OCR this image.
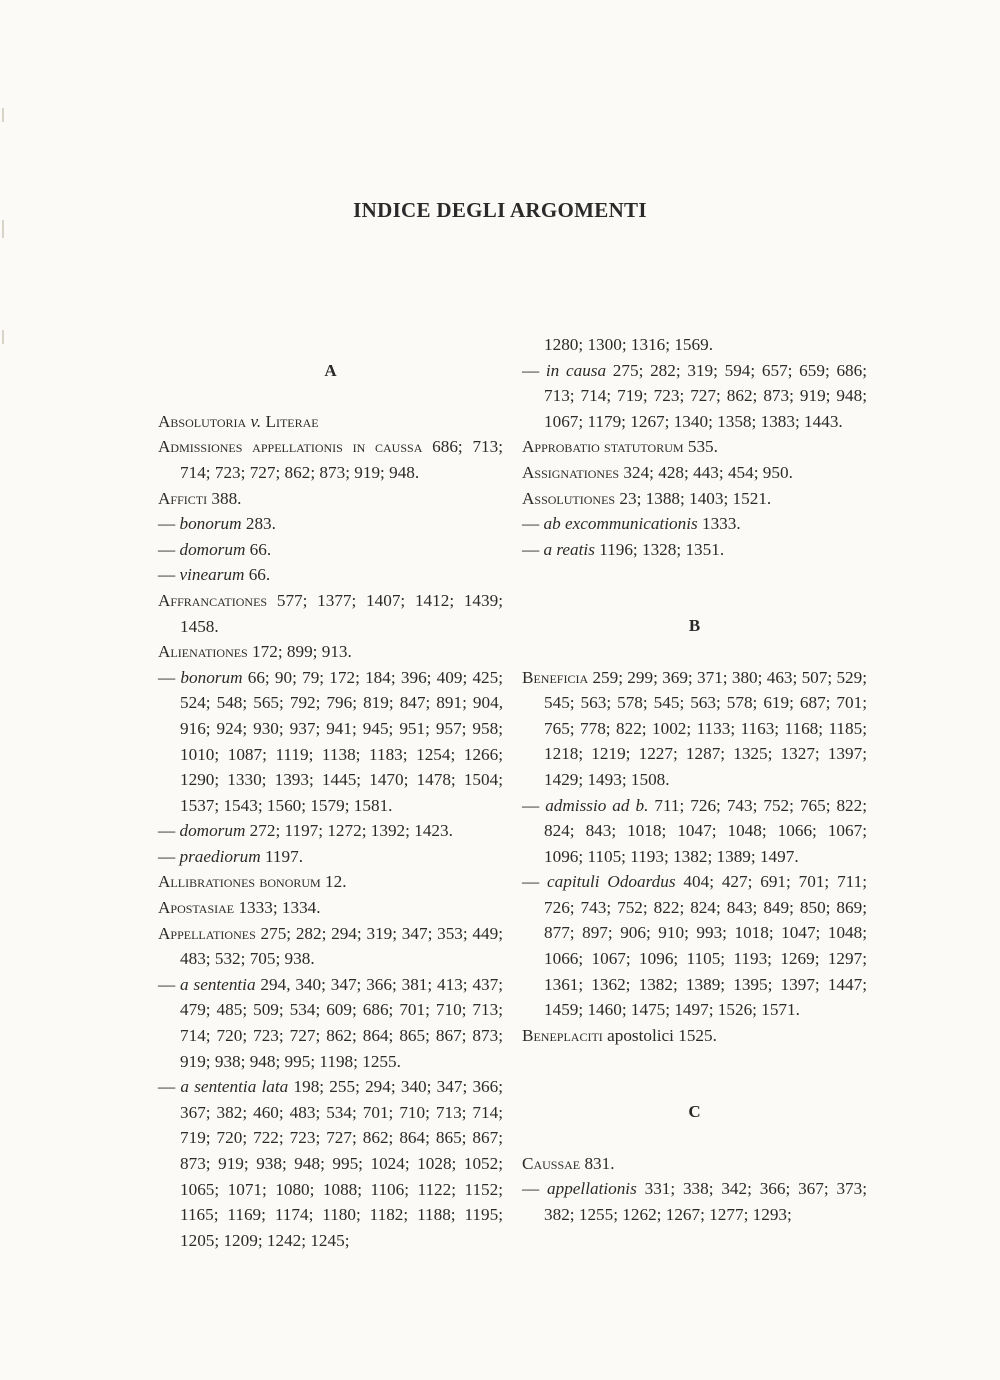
INDICE DEGLI ARGOMENTI
A
Absolutoria v. Literae
Admissiones appellationis in caussa 686; 713; 714; 723; 727; 862; 873; 919; 948.
Afficti 388.
— bonorum 283.
— domorum 66.
— vinearum 66.
Affrancationes 577; 1377; 1407; 1412; 1439; 1458.
Alienationes 172; 899; 913.
— bonorum 66; 90; 79; 172; 184; 396; 409; 425; 524; 548; 565; 792; 796; 819; 847; 891; 904, 916; 924; 930; 937; 941; 945; 951; 957; 958; 1010; 1087; 1119; 1138; 1183; 1254; 1266; 1290; 1330; 1393; 1445; 1470; 1478; 1504; 1537; 1543; 1560; 1579; 1581.
— domorum 272; 1197; 1272; 1392; 1423.
— praediorum 1197.
Allibrationes bonorum 12.
Apostasiae 1333; 1334.
Appellationes 275; 282; 294; 319; 347; 353; 449; 483; 532; 705; 938.
— a sententia 294, 340; 347; 366; 381; 413; 437; 479; 485; 509; 534; 609; 686; 701; 710; 713; 714; 720; 723; 727; 862; 864; 865; 867; 873; 919; 938; 948; 995; 1198; 1255.
— a sententia lata 198; 255; 294; 340; 347; 366; 367; 382; 460; 483; 534; 701; 710; 713; 714; 719; 720; 722; 723; 727; 862; 864; 865; 867; 873; 919; 938; 948; 995; 1024; 1028; 1052; 1065; 1071; 1080; 1088; 1106; 1122; 1152; 1165; 1169; 1174; 1180; 1182; 1188; 1195; 1205; 1209; 1242; 1245;
1280; 1300; 1316; 1569.
— in causa 275; 282; 319; 594; 657; 659; 686; 713; 714; 719; 723; 727; 862; 873; 919; 948; 1067; 1179; 1267; 1340; 1358; 1383; 1443.
Approbatio statutorum 535.
Assignationes 324; 428; 443; 454; 950.
Assolutiones 23; 1388; 1403; 1521.
— ab excommunicationis 1333.
— a reatis 1196; 1328; 1351.
B
Beneficia 259; 299; 369; 371; 380; 463; 507; 529; 545; 563; 578; 545; 563; 578; 619; 687; 701; 765; 778; 822; 1002; 1133; 1163; 1168; 1185; 1218; 1219; 1227; 1287; 1325; 1327; 1397; 1429; 1493; 1508.
— admissio ad b. 711; 726; 743; 752; 765; 822; 824; 843; 1018; 1047; 1048; 1066; 1067; 1096; 1105; 1193; 1382; 1389; 1497.
— capituli Odoardus 404; 427; 691; 701; 711; 726; 743; 752; 822; 824; 843; 849; 850; 869; 877; 897; 906; 910; 993; 1018; 1047; 1048; 1066; 1067; 1096; 1105; 1193; 1269; 1297; 1361; 1362; 1382; 1389; 1395; 1397; 1447; 1459; 1460; 1475; 1497; 1526; 1571.
Beneplaciti apostolici 1525.
C
Caussae 831.
— appellationis 331; 338; 342; 366; 367; 373; 382; 1255; 1262; 1267; 1277; 1293;
